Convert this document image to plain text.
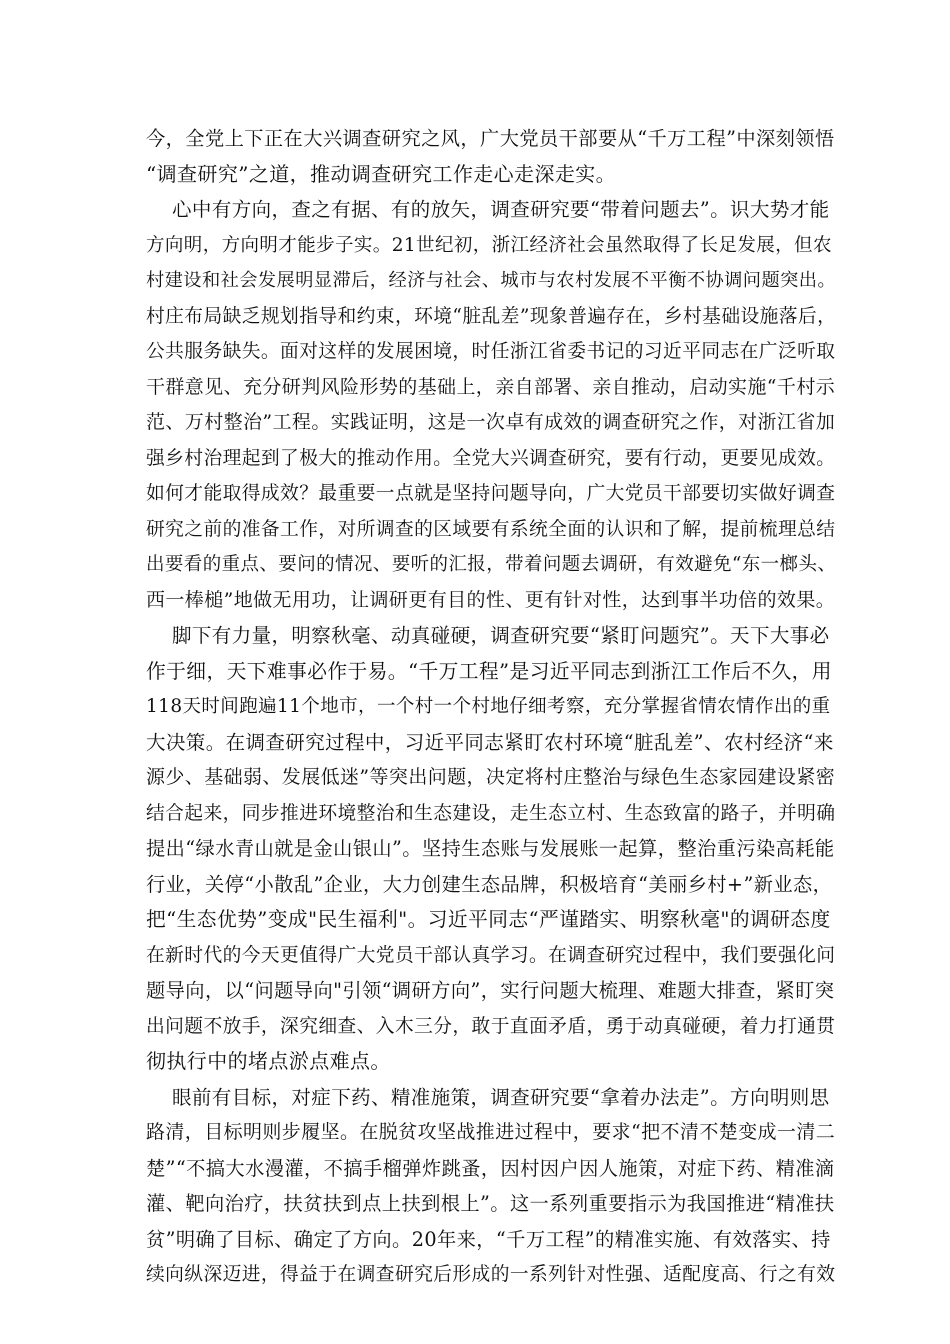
今，全党上下正在大兴调查研究之风，广大党员干部要从“千万工程”中深刻领悟
“调查研究”之道，推动调查研究工作走心走深走实。
心中有方向，查之有据、有的放矢，调查研究要“带着问题去”。识大势才能
方向明，方向明才能步子实。21世纪初，浙江经济社会虽然取得了长足发展，但农
村建设和社会发展明显滞后，经济与社会、城市与农村发展不平衡不协调问题突出。
村庄布局缺乏规划指导和约束，环境“脏乱差”现象普遍存在，乡村基础设施落后，
公共服务缺失。面对这样的发展困境，时任浙江省委书记的习近平同志在广泛听取
干群意见、充分研判风险形势的基础上，亲自部署、亲自推动，启动实施“千村示
范、万村整治”工程。实践证明，这是一次卓有成效的调查研究之作，对浙江省加
强乡村治理起到了极大的推动作用。全党大兴调查研究，要有行动，更要见成效。
如何才能取得成效？最重要一点就是坚持问题导向，广大党员干部要切实做好调查
研究之前的准备工作，对所调查的区域要有系统全面的认识和了解，提前梳理总结
出要看的重点、要问的情况、要听的汇报，带着问题去调研，有效避免“东一榔头、
西一棒槌”地做无用功，让调研更有目的性、更有针对性，达到事半功倍的效果。
脚下有力量，明察秋毫、动真碰硬，调查研究要“紧盯问题究”。天下大事必
作于细，天下难事必作于易。“千万工程”是习近平同志到浙江工作后不久，用
118天时间跑遍11个地市，一个村一个村地仔细考察，充分掌握省情农情作出的重
大决策。在调查研究过程中，习近平同志紧盯农村环境“脏乱差”、农村经济“来
源少、基础弱、发展低迷”等突出问题，决定将村庄整治与绿色生态家园建设紧密
结合起来，同步推进环境整治和生态建设，走生态立村、生态致富的路子，并明确
提出“绿水青山就是金山银山”。坚持生态账与发展账一起算，整治重污染高耗能
行业，关停“小散乱”企业，大力创建生态品牌，积极培育“美丽乡村+”新业态，
把“生态优势”变成"民生福利"。习近平同志“严谨踏实、明察秋毫"的调研态度
在新时代的今天更值得广大党员干部认真学习。在调查研究过程中，我们要强化问
题导向，以“问题导向"引领“调研方向”，实行问题大梳理、难题大排查，紧盯突
出问题不放手，深究细查、入木三分，敢于直面矛盾，勇于动真碰硬，着力打通贯
彻执行中的堵点淤点难点。
眼前有目标，对症下药、精准施策，调查研究要“拿着办法走”。方向明则思
路清，目标明则步履坚。在脱贫攻坚战推进过程中，要求“把不清不楚变成一清二
楚”“不搞大水漫灌，不搞手榴弹炸跳蚤，因村因户因人施策，对症下药、精准滴
灌、靶向治疗，扶贫扶到点上扶到根上”。这一系列重要指示为我国推进“精准扶
贫”明确了目标、确定了方向。20年来，“千万工程”的精准实施、有效落实、持
续向纵深迈进，得益于在调查研究后形成的一系列针对性强、适配度高、行之有效
